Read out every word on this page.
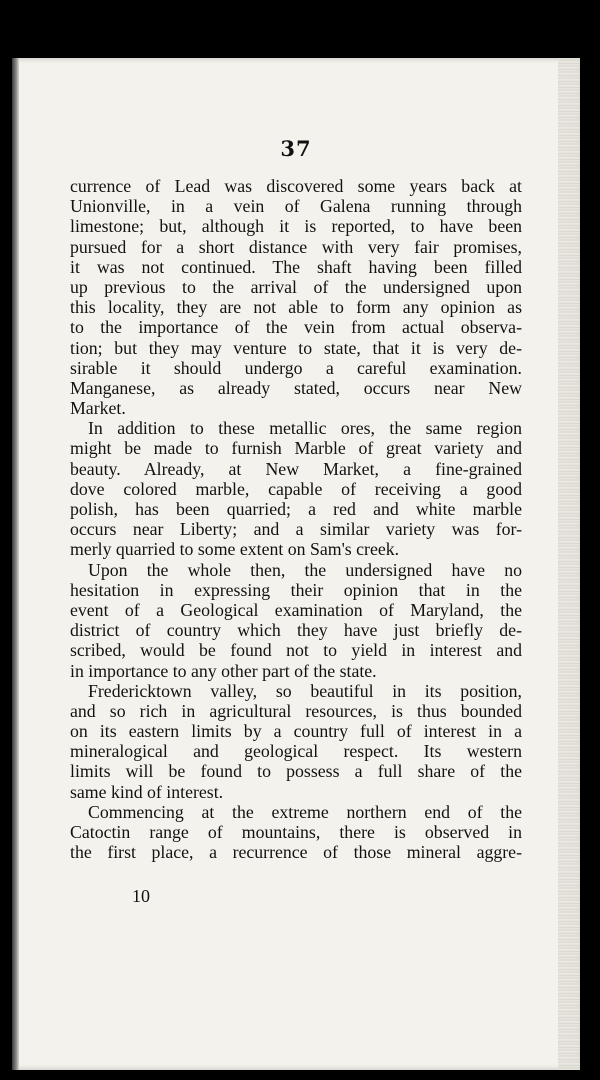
37
currence of Lead was discovered some years back at
Unionville, in a vein of Galena running through
limestone; but, although it is reported, to have been
pursued for a short distance with very fair promises,
it was not continued. The shaft having been filled
up previous to the arrival of the undersigned upon
this locality, they are not able to form any opinion as
to the importance of the vein from actual observa-
tion; but they may venture to state, that it is very de-
sirable it should undergo a careful examination.
Manganese, as already stated, occurs near New
Market.
In addition to these metallic ores, the same region
might be made to furnish Marble of great variety and
beauty. Already, at New Market, a fine-grained
dove colored marble, capable of receiving a good
polish, has been quarried; a red and white marble
occurs near Liberty; and a similar variety was for-
merly quarried to some extent on Sam's creek.
Upon the whole then, the undersigned have no
hesitation in expressing their opinion that in the
event of a Geological examination of Maryland, the
district of country which they have just briefly de-
scribed, would be found not to yield in interest and
in importance to any other part of the state.
Fredericktown valley, so beautiful in its position,
and so rich in agricultural resources, is thus bounded
on its eastern limits by a country full of interest in a
mineralogical and geological respect. Its western
limits will be found to possess a full share of the
same kind of interest.
Commencing at the extreme northern end of the
Catoctin range of mountains, there is observed in
the first place, a recurrence of those mineral aggre-
10
